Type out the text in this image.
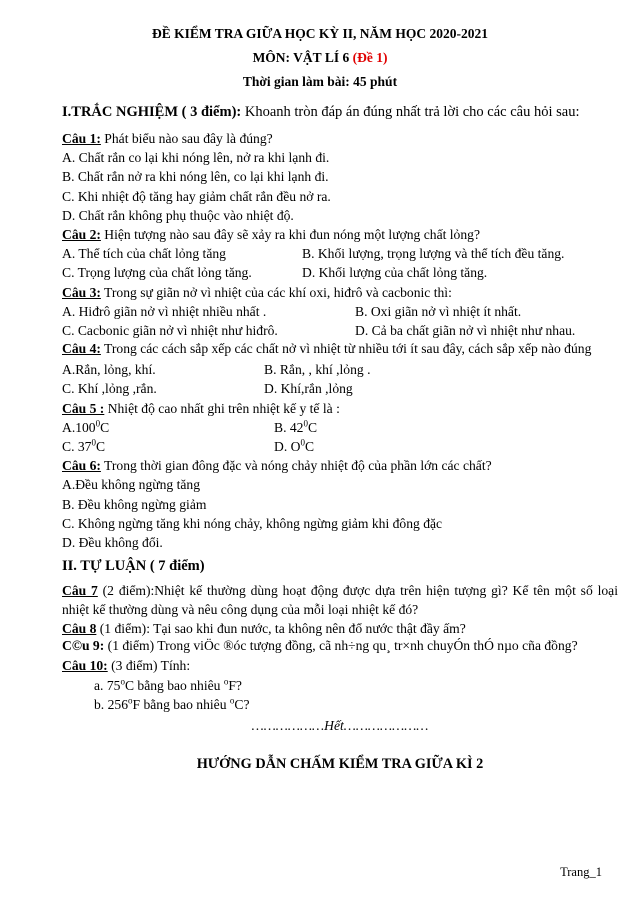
ĐỀ KIỂM TRA GIỮA HỌC KỲ II, NĂM HỌC 2020-2021
MÔN: VẬT LÍ 6 (Đề 1)
Thời gian làm bài: 45 phút
I.TRẮC NGHIỆM ( 3 điểm): Khoanh tròn đáp án đúng nhất trả lời cho các câu hỏi sau:
Câu 1: Phát biểu nào sau đây là đúng?
A. Chất rắn co lại khi nóng lên, nở ra khi lạnh đi.
B. Chất rắn nở ra khi nóng lên, co lại khi lạnh đi.
C. Khi nhiệt độ tăng hay giảm chất rắn đều nở ra.
D. Chất rắn không phụ thuộc vào nhiệt độ.
Câu 2: Hiện tượng nào sau đây sẽ xảy ra khi đun nóng một lượng chất lỏng?
A. Thể tích của chất lỏng tăng	B. Khối lượng, trọng lượng và thể tích đều tăng.
C. Trọng lượng của chất lỏng tăng.	D. Khối lượng của chất lỏng tăng.
Câu 3: Trong sự giãn nở vì nhiệt của các khí oxi, hiđrô và cacbonic thì:
A. Hiđrô giãn nở vì nhiệt nhiều nhất .	B. Oxi giãn nở vì nhiệt ít nhất.
C. Cacbonic giãn nở vì nhiệt như hiđrô.	D. Cả ba chất giãn nở vì nhiệt như nhau.
Câu 4: Trong các cách sắp xếp các chất nở vì nhiệt từ nhiều tới ít sau đây, cách sắp xếp nào đúng
A.Rắn, lỏng, khí.	B. Rắn, , khí ,lỏng .
C. Khí ,lỏng ,rắn.	D. Khí,rắn ,lỏng
Câu 5 : Nhiệt độ cao nhất ghi trên nhiệt kế y tế là :
A.100$^0$C	B. $42^0C$
C. $37^0C$	D. $O^0C$
Câu 6: Trong thời gian đông đặc và nóng chảy nhiệt độ của phần lớn các chất?
A.Đều không ngừng tăng
B. Đều không ngừng giảm
C. Không ngừng tăng khi nóng chảy, không ngừng giảm khi đông đặc
D. Đều không đổi.
II. TỰ LUẬN ( 7 điểm)
Câu 7 (2 điểm):Nhiệt kế thường dùng hoạt động được dựa trên hiện tượng gì? Kể tên một số loại nhiệt kế thường dùng và nêu công dụng của mỗi loại nhiệt kế đó?
Câu 8 (1 điểm): Tại sao khi đun nước, ta không nên đổ nước thật đầy ấm?
C©u 9: (1 điểm) Trong viÖc ®óc tượng đồng, cã nh÷ng qu¸ tr×nh chuyÓn thÓ nµo cña đồng?
Câu 10: (3 điểm) Tính:
a. 75$^o$C bằng bao nhiêu $^o$F?
b. 256$^o$F bằng bao nhiêu $^o$C?
………………Hết…………………
HƯỚNG DẪN CHẤM KIỂM TRA GIỮA KÌ 2
Trang_1
